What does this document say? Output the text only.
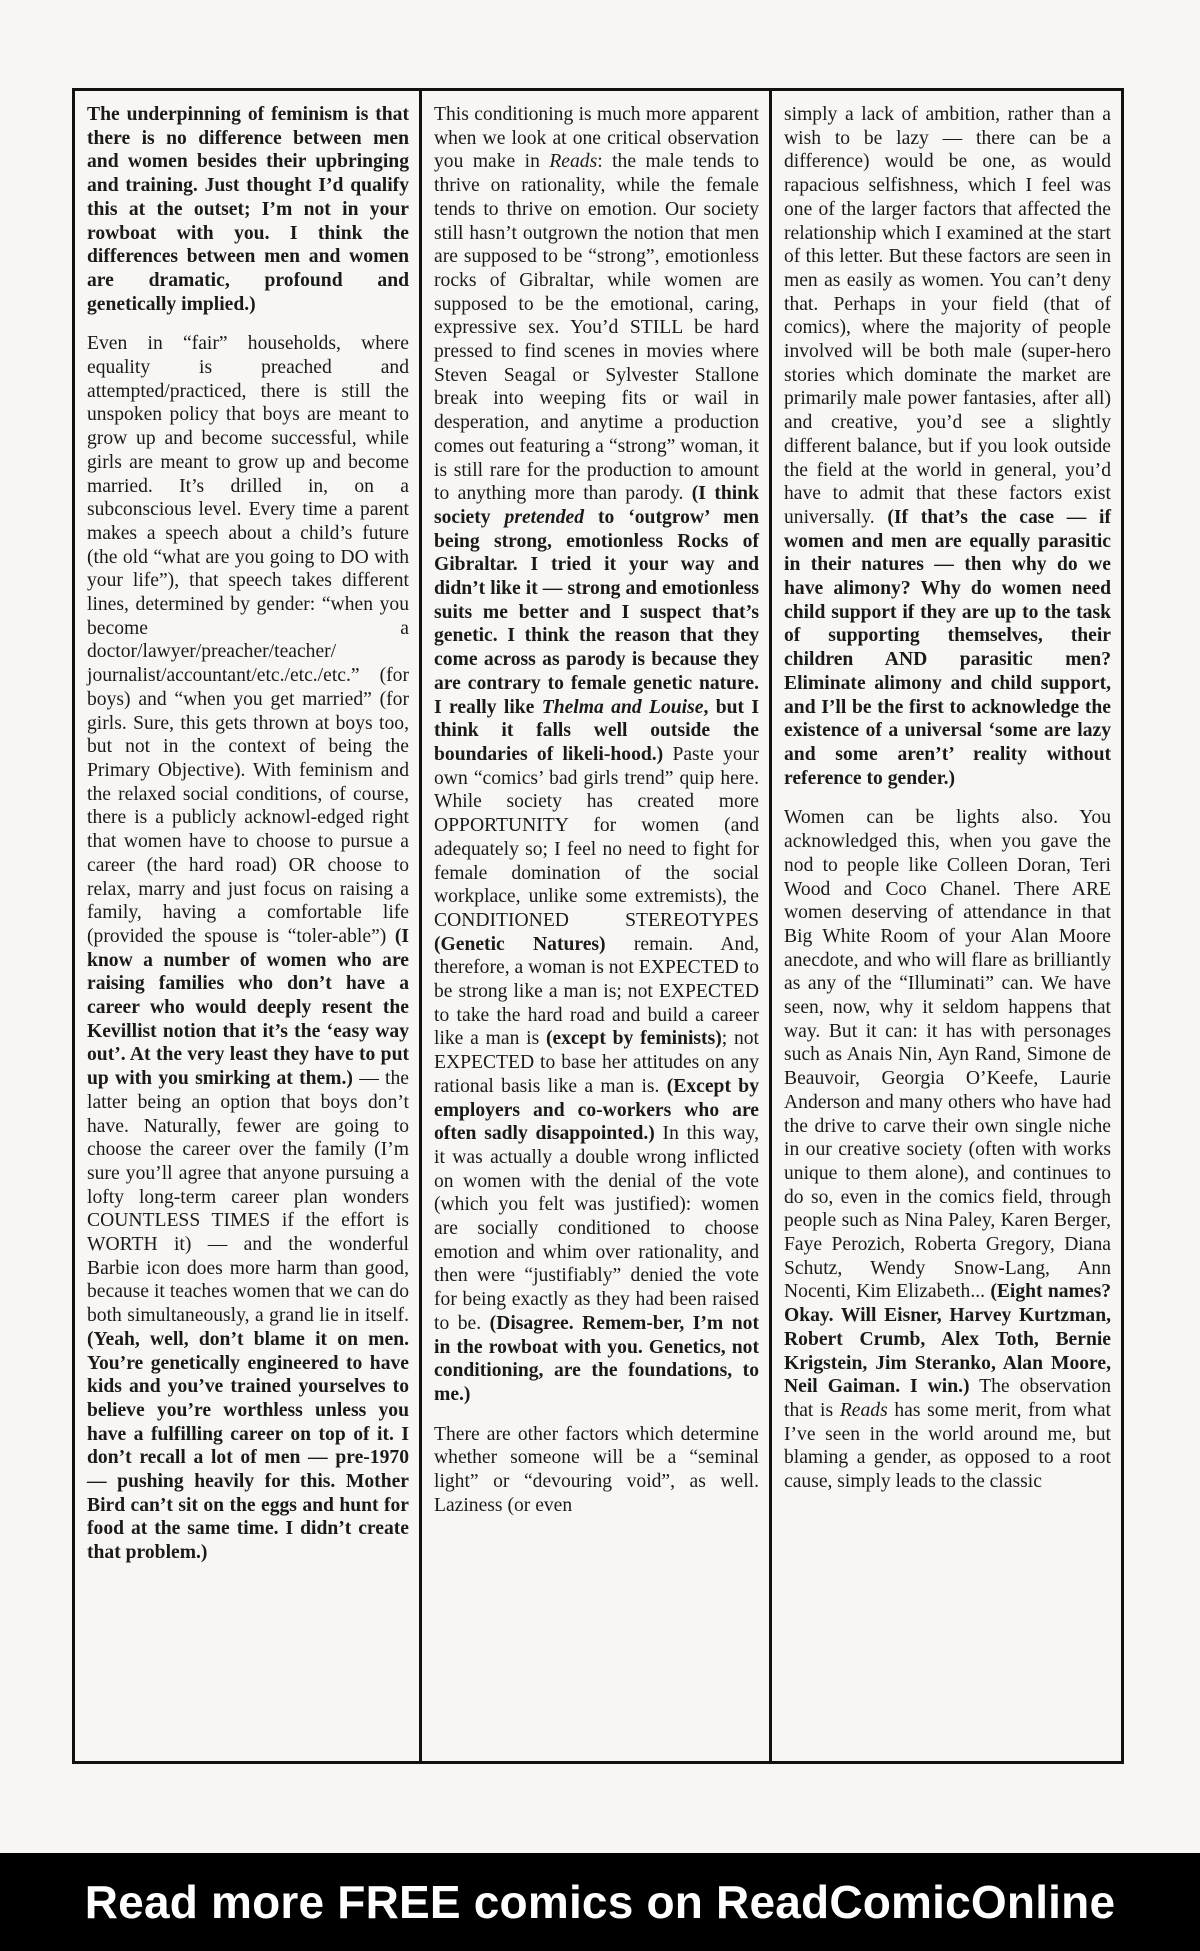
The underpinning of feminism is that there is no difference between men and women besides their upbringing and training. Just thought I’d qualify this at the outset; I’m not in your rowboat with you. I think the differences between men and women are dramatic, profound and genetically implied.)

Even in “fair” households, where equality is preached and attempted/practiced, there is still the unspoken policy that boys are meant to grow up and become successful, while girls are meant to grow up and become married. It’s drilled in, on a subconscious level. Every time a parent makes a speech about a child’s future (the old “what are you going to DO with your life”), that speech takes different lines, determined by gender: “when you become a doctor/lawyer/preacher/teacher/ journalist/accountant/etc./etc./etc.” (for boys) and “when you get married” (for girls. Sure, this gets thrown at boys too, but not in the context of being the Primary Objective). With feminism and the relaxed social conditions, of course, there is a publicly acknowl-edged right that women have to choose to pursue a career (the hard road) OR choose to relax, marry and just focus on raising a family, having a comfortable life (provided the spouse is “toler-able”) (I know a number of women who are raising families who don’t have a career who would deeply resent the Kevillist notion that it’s the ‘easy way out’. At the very least they have to put up with you smirking at them.) — the latter being an option that boys don’t have. Naturally, fewer are going to choose the career over the family (I’m sure you’ll agree that anyone pursuing a lofty long-term career plan wonders COUNTLESS TIMES if the effort is WORTH it) — and the wonderful Barbie icon does more harm than good, because it teaches women that we can do both simultaneously, a grand lie in itself. (Yeah, well, don’t blame it on men. You’re genetically engineered to have kids and you’ve trained yourselves to believe you’re worthless unless you have a fulfilling career on top of it. I don’t recall a lot of men — pre-1970 — pushing heavily for this. Mother Bird can’t sit on the eggs and hunt for food at the same time. I didn’t create that problem.)

This conditioning is much more apparent when we look at one critical observation you make in Reads: the male tends to thrive on rationality, while the female tends to thrive on emotion. Our society still hasn’t outgrown the notion that men are supposed to be “strong”, emotionless rocks of Gibraltar, while women are supposed to be the emotional, caring, expressive sex. You’d STILL be hard pressed to find scenes in movies where Steven Seagal or Sylvester Stallone break into weeping fits or wail in desperation, and anytime a production comes out featuring a “strong” woman, it is still rare for the production to amount to anything more than parody. (I think society pretended to ‘outgrow’ men being strong, emotionless Rocks of Gibraltar. I tried it your way and didn’t like it — strong and emotionless suits me better and I suspect that’s genetic. I think the reason that they come across as parody is because they are contrary to female genetic nature. I really like Thelma and Louise, but I think it falls well outside the boundaries of likeli-hood.) Paste your own “comics’ bad girls trend” quip here. While society has created more OPPORTUNITY for women (and adequately so; I feel no need to fight for female domination of the social workplace, unlike some extremists), the CONDITIONED STEREOTYPES (Genetic Natures) remain. And, therefore, a woman is not EXPECTED to be strong like a man is; not EXPECTED to take the hard road and build a career like a man is (except by feminists); not EXPECTED to base her attitudes on any rational basis like a man is. (Except by employers and co-workers who are often sadly disappointed.) In this way, it was actually a double wrong inflicted on women with the denial of the vote (which you felt was justified): women are socially conditioned to choose emotion and whim over rationality, and then were “justifiably” denied the vote for being exactly as they had been raised to be. (Disagree. Remem-ber, I’m not in the rowboat with you. Genetics, not conditioning, are the foundations, to me.)

There are other factors which determine whether someone will be a “seminal light” or “devouring void”, as well. Laziness (or even

simply a lack of ambition, rather than a wish to be lazy — there can be a difference) would be one, as would rapacious selfishness, which I feel was one of the larger factors that affected the relationship which I examined at the start of this letter. But these factors are seen in men as easily as women. You can’t deny that. Perhaps in your field (that of comics), where the majority of people involved will be both male (super-hero stories which dominate the market are primarily male power fantasies, after all) and creative, you’d see a slightly different balance, but if you look outside the field at the world in general, you’d have to admit that these factors exist universally. (If that’s the case — if women and men are equally parasitic in their natures — then why do we have alimony? Why do women need child support if they are up to the task of supporting themselves, their children AND parasitic men? Eliminate alimony and child support, and I’ll be the first to acknowledge the existence of a universal ‘some are lazy and some aren’t’ reality without reference to gender.)

Women can be lights also. You acknowledged this, when you gave the nod to people like Colleen Doran, Teri Wood and Coco Chanel. There ARE women deserving of attendance in that Big White Room of your Alan Moore anecdote, and who will flare as brilliantly as any of the “Illuminati” can. We have seen, now, why it seldom happens that way. But it can: it has with personages such as Anais Nin, Ayn Rand, Simone de Beauvoir, Georgia O’Keefe, Laurie Anderson and many others who have had the drive to carve their own single niche in our creative society (often with works unique to them alone), and continues to do so, even in the comics field, through people such as Nina Paley, Karen Berger, Faye Perozich, Roberta Gregory, Diana Schutz, Wendy Snow-Lang, Ann Nocenti, Kim Elizabeth... (Eight names? Okay. Will Eisner, Harvey Kurtzman, Robert Crumb, Alex Toth, Bernie Krigstein, Jim Steranko, Alan Moore, Neil Gaiman. I win.) The observation that is Reads has some merit, from what I’ve seen in the world around me, but blaming a gender, as opposed to a root cause, simply leads to the classic

Read more FREE comics on ReadComicOnline
